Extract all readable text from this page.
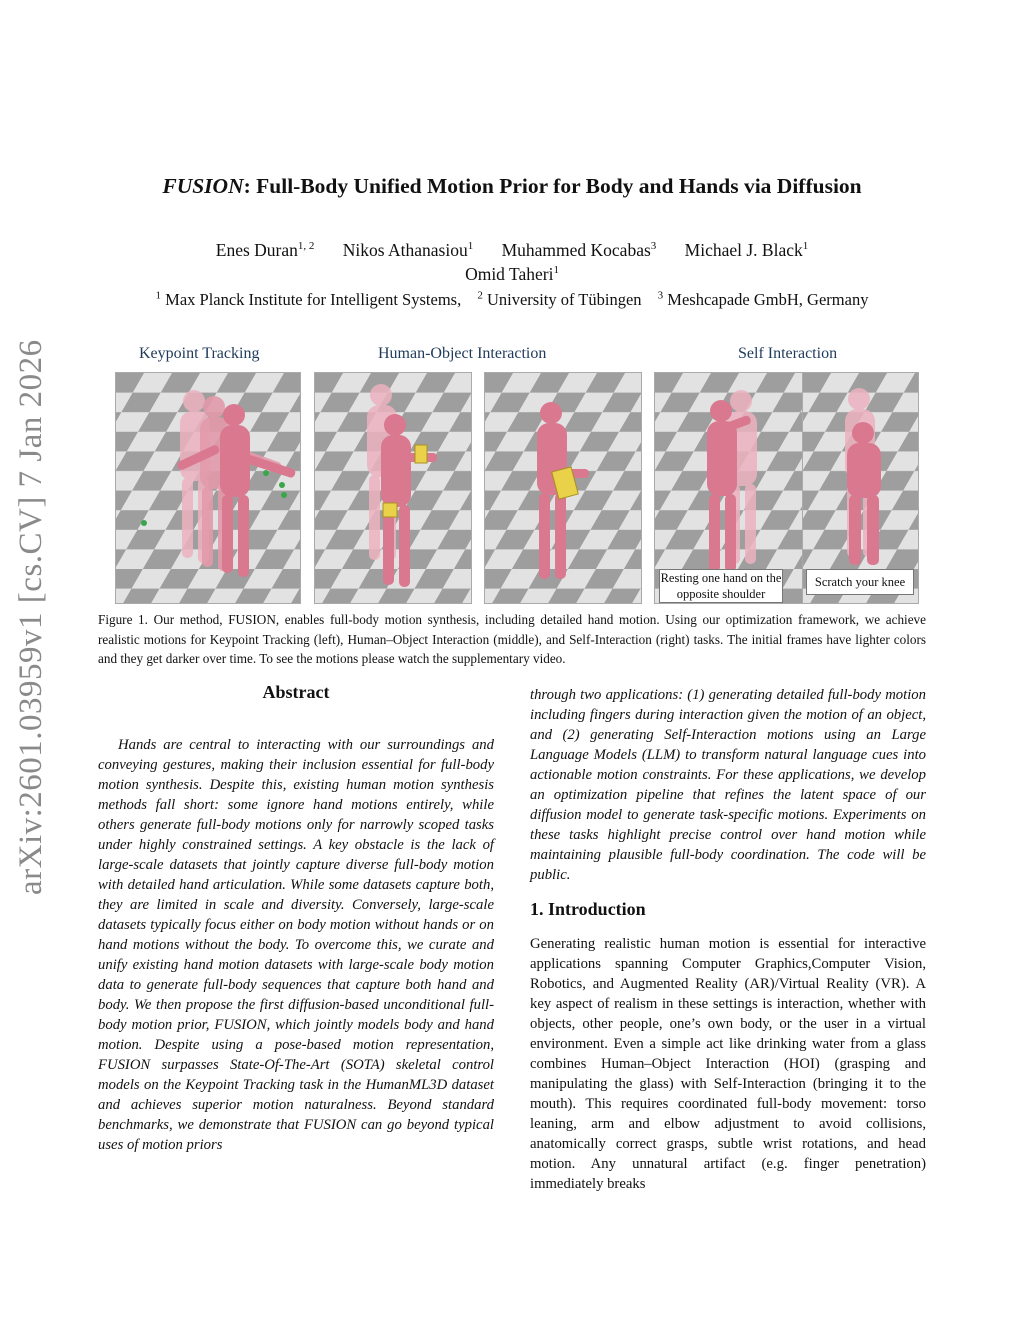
arXiv:2601.03959v1 [cs.CV] 7 Jan 2026
FUSION: Full-Body Unified Motion Prior for Body and Hands via Diffusion
Enes Duran$^{1, 2}$ Nikos Athanasiou$^1$ Muhammed Kocabas$^3$ Michael J. Black$^1$
Omid Taheri$^1$
$^1$ Max Planck Institute for Intelligent Systems, $^2$ University of Tübingen $^3$ Meshcapade GmbH, Germany
Keypoint Tracking	Human-Object Interaction	Self Interaction
Resting one hand on the opposite shoulder
Scratch your knee
Figure 1. Our method, FUSION, enables full-body motion synthesis, including detailed hand motion. Using our optimization framework, we achieve realistic motions for Keypoint Tracking (left), Human–Object Interaction (middle), and Self-Interaction (right) tasks. The initial frames have lighter colors and they get darker over time. To see the motions please watch the supplementary video.
Abstract
Hands are central to interacting with our surroundings and conveying gestures, making their inclusion essential for full-body motion synthesis. Despite this, existing human motion synthesis methods fall short: some ignore hand motions entirely, while others generate full-body motions only for narrowly scoped tasks under highly constrained settings. A key obstacle is the lack of large-scale datasets that jointly capture diverse full-body motion with detailed hand articulation. While some datasets capture both, they are limited in scale and diversity. Conversely, large-scale datasets typically focus either on body motion without hands or on hand motions without the body. To overcome this, we curate and unify existing hand motion datasets with large-scale body motion data to generate full-body sequences that capture both hand and body. We then propose the first diffusion-based unconditional full-body motion prior, FUSION, which jointly models body and hand motion. Despite using a pose-based motion representation, FUSION surpasses State-Of-The-Art (SOTA) skeletal control models on the Keypoint Tracking task in the HumanML3D dataset and achieves superior motion naturalness. Beyond standard benchmarks, we demonstrate that FUSION can go beyond typical uses of motion priors
through two applications: (1) generating detailed full-body motion including fingers during interaction given the motion of an object, and (2) generating Self-Interaction motions using an Large Language Models (LLM) to transform natural language cues into actionable motion constraints. For these applications, we develop an optimization pipeline that refines the latent space of our diffusion model to generate task-specific motions. Experiments on these tasks highlight precise control over hand motion while maintaining plausible full-body coordination. The code will be public.
1. Introduction
Generating realistic human motion is essential for interactive applications spanning Computer Graphics,Computer Vision, Robotics, and Augmented Reality (AR)/Virtual Reality (VR). A key aspect of realism in these settings is interaction, whether with objects, other people, one’s own body, or the user in a virtual environment. Even a simple act like drinking water from a glass combines Human–Object Interaction (HOI) (grasping and manipulating the glass) with Self-Interaction (bringing it to the mouth). This requires coordinated full-body movement: torso leaning, arm and elbow adjustment to avoid collisions, anatomically correct grasps, subtle wrist rotations, and head motion. Any unnatural artifact (e.g. finger penetration) immediately breaks
